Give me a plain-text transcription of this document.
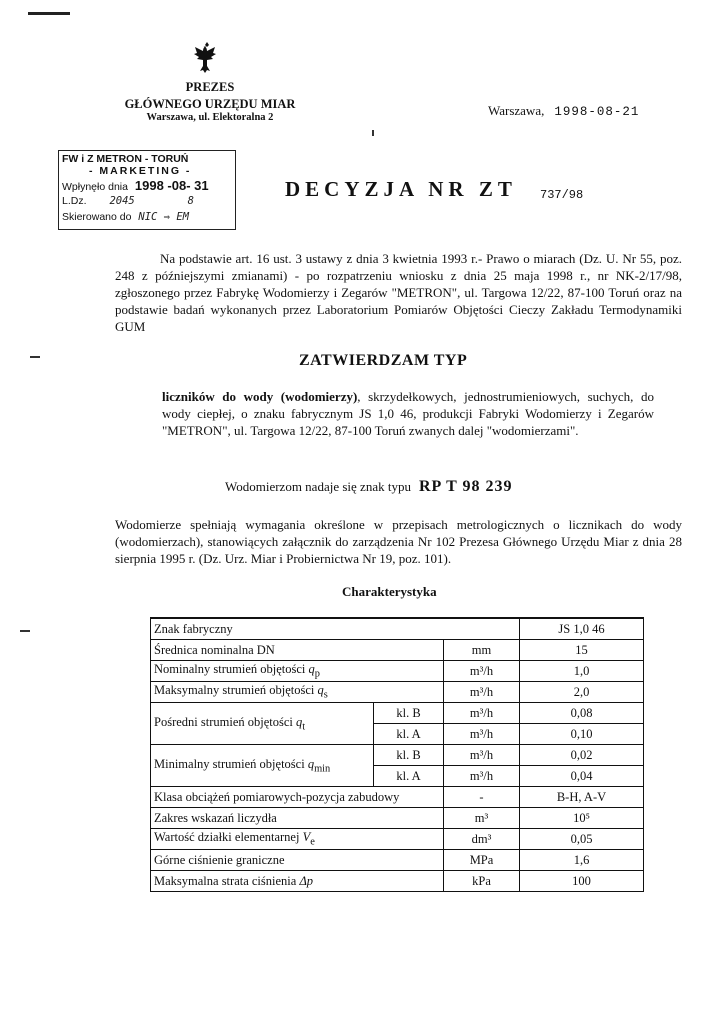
PREZES
GŁÓWNEGO URZĘDU MIAR
Warszawa, ul. Elektoralna 2	Warszawa, 1998-08-21
FW i Z METRON - TORUŃ
- MARKETING -
Wpłynęło dnia 1998 -08- 31
L.Dz. 2045	8
Skierowano do NIC ⇒ EM
DECYZJA NR ZT 737/98
Na podstawie art. 16 ust. 3 ustawy z dnia 3 kwietnia 1993 r.- Prawo o miarach (Dz. U. Nr 55, poz. 248 z późniejszymi zmianami) - po rozpatrzeniu wniosku z dnia 25 maja 1998 r., nr NK-2/17/98, zgłoszonego przez Fabrykę Wodomierzy i Zegarów "METRON", ul. Targowa 12/22, 87-100 Toruń oraz na podstawie badań wykonanych przez Laboratorium Pomiarów Objętości Cieczy Zakładu Termodynamiki GUM
ZATWIERDZAM TYP
liczników do wody (wodomierzy), skrzydełkowych, jednostrumieniowych, suchych, do wody ciepłej, o znaku fabrycznym JS 1,0 46, produkcji Fabryki Wodomierzy i Zegarów "METRON", ul. Targowa 12/22, 87-100 Toruń zwanych dalej "wodomierzami".
Wodomierzom nadaje się znak typu RP T 98 239
Wodomierze spełniają wymagania określone w przepisach metrologicznych o licznikach do wody (wodomierzach), stanowiących załącznik do zarządzenia Nr 102 Prezesa Głównego Urzędu Miar z dnia 28 sierpnia 1995 r. (Dz. Urz. Miar i Probiernictwa Nr 19, poz. 101).
Charakterystyka
Znak fabryczny			JS 1,0 46
Średnica nominalna DN		mm	15
Nominalny strumień objętości $q_p$		m³/h	1,0
Maksymalny strumień objętości $q_s$		m³/h	2,0
Pośredni strumień objętości $q_t$	kl. B	m³/h	0,08
	kl. A	m³/h	0,10
Minimalny strumień objętości $q_{min}$	kl. B	m³/h	0,02
	kl. A	m³/h	0,04
Klasa obciążeń pomiarowych-pozycja zabudowy		-	B-H, A-V
Zakres wskazań liczydła		m³	10⁵
Wartość działki elementarnej $V_e$		dm³	0,05
Górne ciśnienie graniczne		MPa	1,6
Maksymalna strata ciśnienia Δp		kPa	100
